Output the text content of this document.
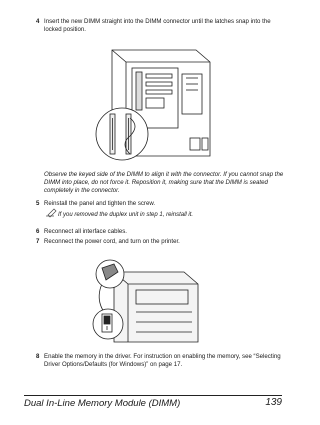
4 Insert the new DIMM straight into the DIMM connector until the latches snap into the locked position.
Observe the keyed side of the DIMM to align it with the connector. If you cannot snap the DIMM into place, do not force it. Reposition it, making sure that the DIMM is seated completely in the connector.
5 Reinstall the panel and tighten the screw.
If you removed the duplex unit in step 1, reinstall it.
6 Reconnect all interface cables.
7 Reconnect the power cord, and turn on the printer.
8 Enable the memory in the driver. For instruction on enabling the memory, see “Selecting Driver Options/Defaults (for Windows)” on page 17.
Dual In-Line Memory Module (DIMM)	139
